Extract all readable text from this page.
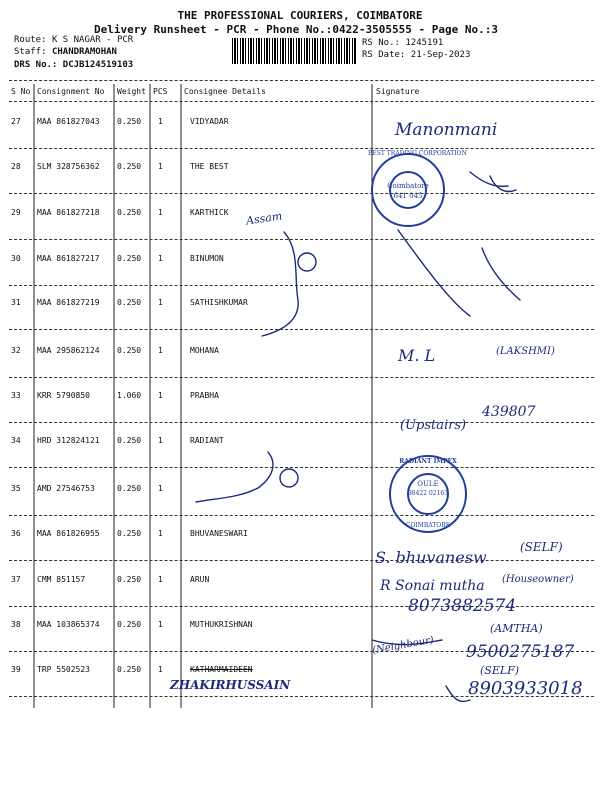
THE PROFESSIONAL COURIERS, COIMBATORE
Delivery Runsheet - PCR - Phone No.:0422-3505555 - Page No.:3
Route: K S NAGAR - PCR
Staff: CHANDRAMOHAN
DRS No.: DCJB124519103
RS No.: 1245191
RS Date: 21-Sep-2023
S No Consignment No Weight PCS Consignee Details	Signature
27 MAA 861827043 0.250 1	VIDYADAR
28 SLM 328756362 0.250 1	THE BEST
29 MAA 861827218 0.250 1	KARTHICK
30 MAA 861827217 0.250 1	BINUMON
31 MAA 861827219 0.250 1	SATHISHKUMAR
32 MAA 295862124 0.250 1	MOHANA
33 KRR 5790850	1.060 1	PRABHA
34 HRD 312824121 0.250 1	RADIANT
35 AMD 27546753	0.250 1
36 MAA 861826955 0.250 1	BHUVANESWARI
37 CMM 851157	0.250 1	ARUN
38 MAA 103865374 0.250 1	MUTHUKRISHNAN
39 TRP 5502523	0.250 1	KATHARMAIDEEN
Manonmani
Assam
M. L	(LAKSHMI)
(Upstairs)
439807
S. bhuvanesw
(SELF)
R Sonai mutha (Houseowner)
8073882574
(Neighbour)
(AMTHA)
9500275187
(SELF)
8903933018
ZHAKIRHUSSAIN
BEST TRADING CORPORATION
Coimbatore
641 045
RADIANT IMPEX
OULE
98422 02163
COIMBATORE
